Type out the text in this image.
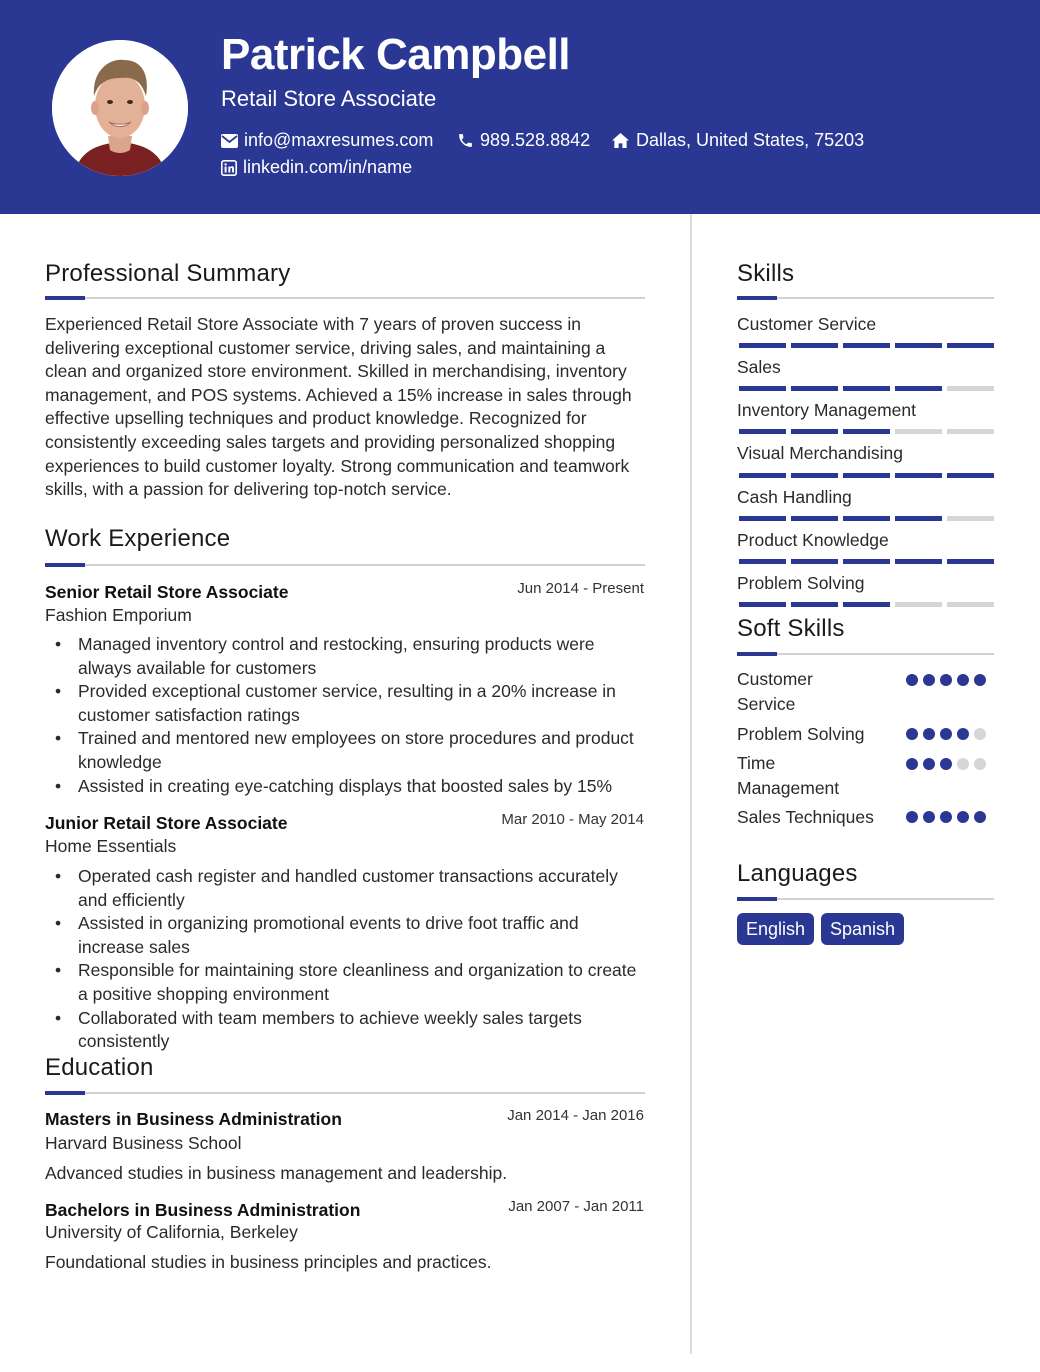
Patrick Campbell
Retail Store Associate
info@maxresumes.com	989.528.8842	Dallas, United States, 75203
linkedin.com/in/name
Professional Summary
Experienced Retail Store Associate with 7 years of proven success in delivering exceptional customer service, driving sales, and maintaining a clean and organized store environment. Skilled in merchandising, inventory management, and POS systems. Achieved a 15% increase in sales through effective upselling techniques and product knowledge. Recognized for consistently exceeding sales targets and providing personalized shopping experiences to build customer loyalty. Strong communication and teamwork skills, with a passion for delivering top-notch service.
Work Experience
Senior Retail Store Associate	Jun 2014 - Present
Fashion Emporium
• Managed inventory control and restocking, ensuring products were always available for customers
• Provided exceptional customer service, resulting in a 20% increase in customer satisfaction ratings
• Trained and mentored new employees on store procedures and product knowledge
• Assisted in creating eye-catching displays that boosted sales by 15%
Junior Retail Store Associate	Mar 2010 - May 2014
Home Essentials
• Operated cash register and handled customer transactions accurately and efficiently
• Assisted in organizing promotional events to drive foot traffic and increase sales
• Responsible for maintaining store cleanliness and organization to create a positive shopping environment
• Collaborated with team members to achieve weekly sales targets consistently
Education
Masters in Business Administration	Jan 2014 - Jan 2016
Harvard Business School
Advanced studies in business management and leadership.
Bachelors in Business Administration	Jan 2007 - Jan 2011
University of California, Berkeley
Foundational studies in business principles and practices.
Skills
Customer Service
Sales
Inventory Management
Visual Merchandising
Cash Handling
Product Knowledge
Problem Solving
Soft Skills
Customer Service
Problem Solving
Time Management
Sales Techniques
Languages
English	Spanish
